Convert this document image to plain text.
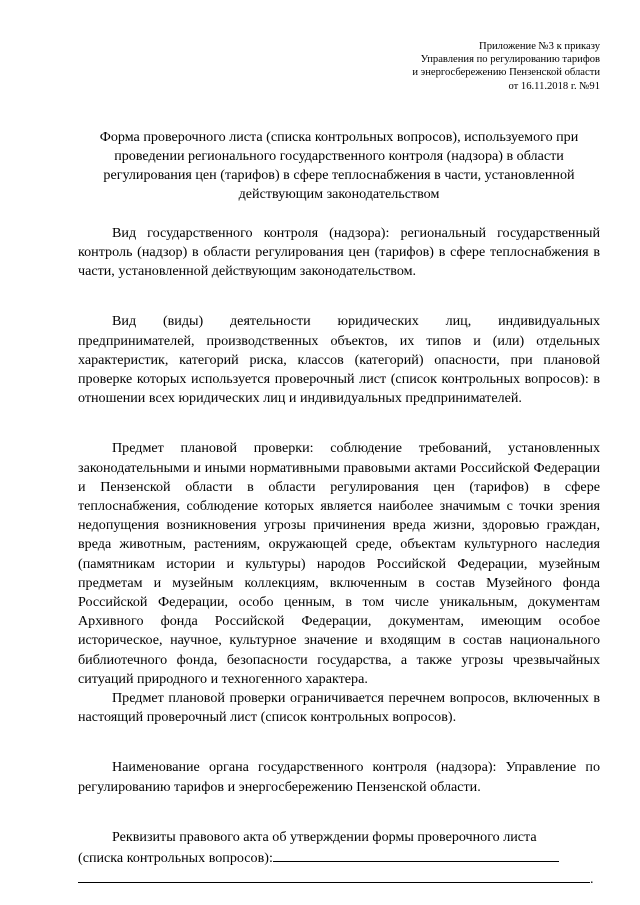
Приложение №3 к приказу
Управления по регулированию тарифов
и энергосбережению Пензенской области
от 16.11.2018 г. №91
Форма проверочного листа (списка контрольных вопросов), используемого при проведении регионального государственного контроля (надзора) в области регулирования цен (тарифов) в сфере теплоснабжения в части, установленной действующим законодательством

Вид государственного контроля (надзора): региональный государственный контроль (надзор) в области регулирования цен (тарифов) в сфере теплоснабжения в части, установленной действующим законодательством.

Вид (виды) деятельности юридических лиц, индивидуальных предпринимателей, производственных объектов, их типов и (или) отдельных характеристик, категорий риска, классов (категорий) опасности, при плановой проверке которых используется проверочный лист (список контрольных вопросов): в отношении всех юридических лиц и индивидуальных предпринимателей.

Предмет плановой проверки: соблюдение требований, установленных законодательными и иными нормативными правовыми актами Российской Федерации и Пензенской области в области регулирования цен (тарифов) в сфере теплоснабжения, соблюдение которых является наиболее значимым с точки зрения недопущения возникновения угрозы причинения вреда жизни, здоровью граждан, вреда животным, растениям, окружающей среде, объектам культурного наследия (памятникам истории и культуры) народов Российской Федерации, музейным предметам и музейным коллекциям, включенным в состав Музейного фонда Российской Федерации, особо ценным, в том числе уникальным, документам Архивного фонда Российской Федерации, документам, имеющим особое историческое, научное, культурное значение и входящим в состав национального библиотечного фонда, безопасности государства, а также угрозы чрезвычайных ситуаций природного и техногенного характера.

Предмет плановой проверки ограничивается перечнем вопросов, включенных в настоящий проверочный лист (список контрольных вопросов).

Наименование органа государственного контроля (надзора): Управление по регулированию тарифов и энергосбережению Пензенской области.

Реквизиты правового акта об утверждении формы проверочного листа

(списка контрольных вопросов):
.
